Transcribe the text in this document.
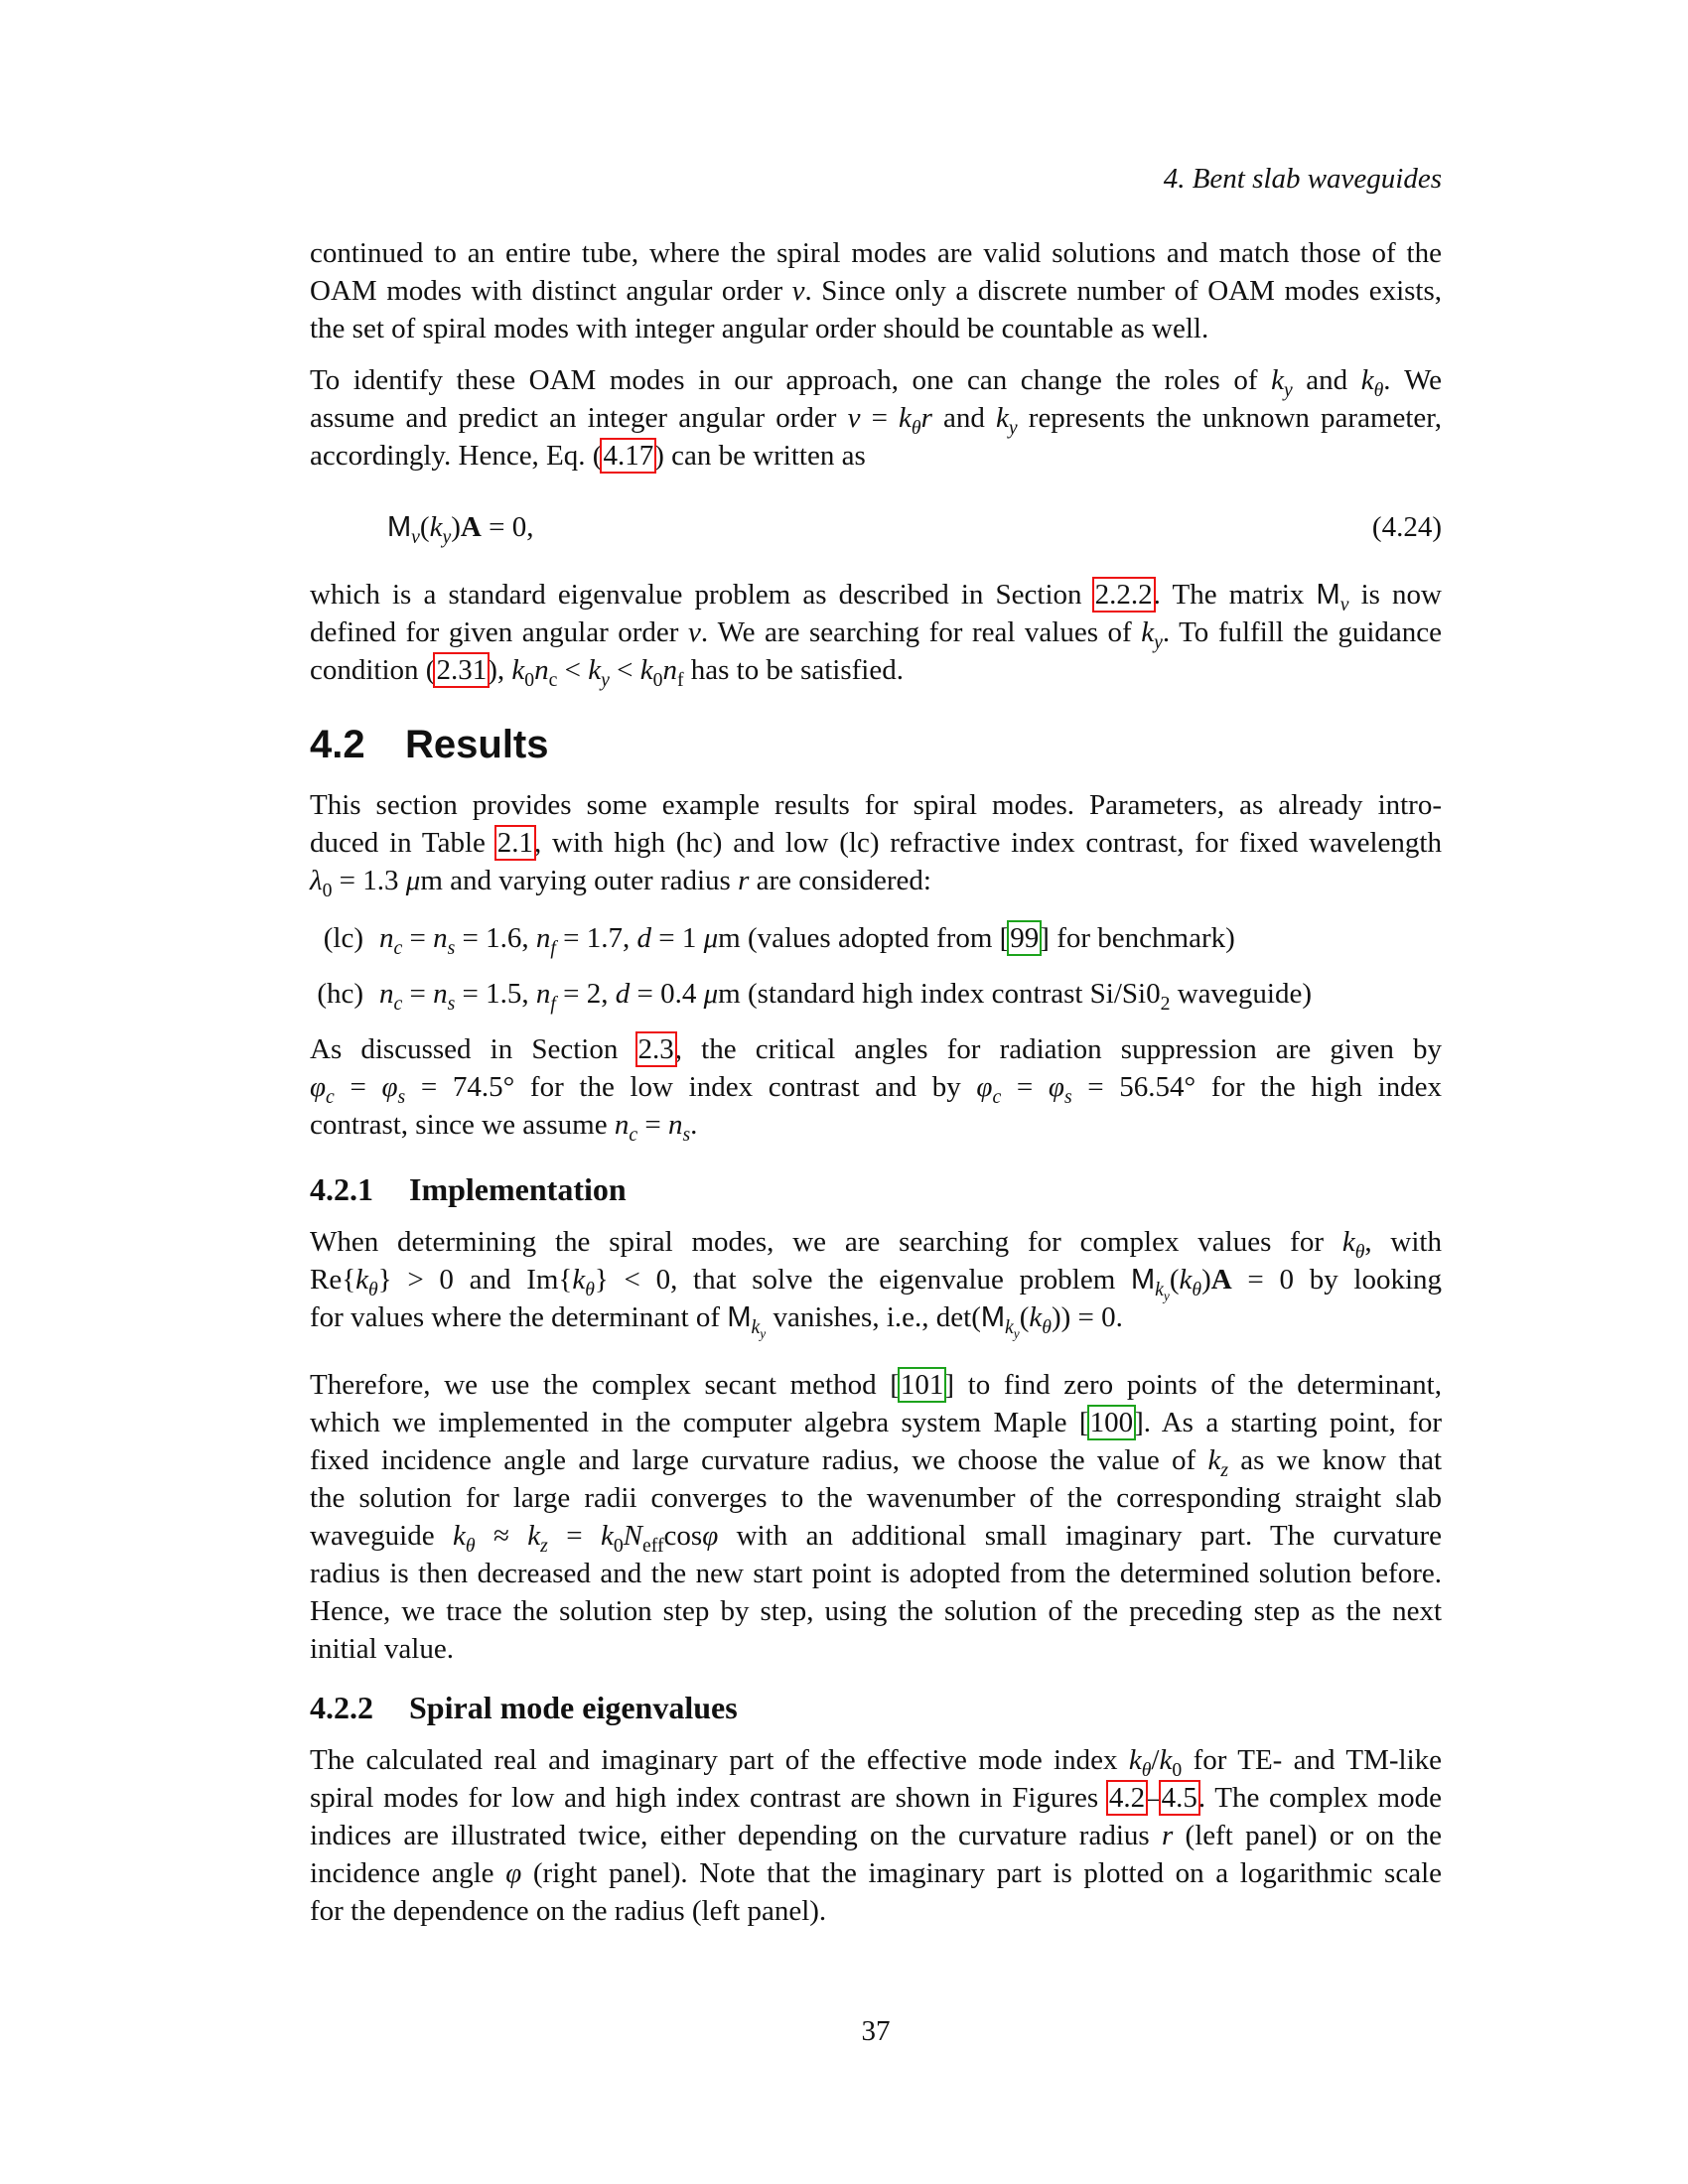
4. Bent slab waveguides

continued to an entire tube, where the spiral modes are valid solutions and match those of the
OAM modes with distinct angular order ν. Since only a discrete number of OAM modes exists,
the set of spiral modes with integer angular order should be countable as well.

To identify these OAM modes in our approach, one can change the roles of $k_y$ and $k_\theta$. We
assume and predict an integer angular order $\nu = k_\theta r$ and $k_y$ represents the unknown parameter,
accordingly. Hence, Eq. (4.17) can be written as

$M_\nu(k_y)A = 0$,	(4.24)

which is a standard eigenvalue problem as described in Section 2.2.2. The matrix $M_\nu$ is now
defined for given angular order ν. We are searching for real values of $k_y$. To fulfill the guidance
condition (2.31), $k_0n_c < k_y < k_0n_f$ has to be satisfied.

4.2 Results

This section provides some example results for spiral modes. Parameters, as already intro-
duced in Table 2.1, with high (hc) and low (lc) refractive index contrast, for fixed wavelength
$\lambda_0 = 1.3$ μm and varying outer radius r are considered:

(lc) $n_c = n_s = 1.6$, $n_f = 1.7$, d = 1 μm (values adopted from [99] for benchmark)
(hc) $n_c = n_s = 1.5$, $n_f = 2$, d = 0.4 μm (standard high index contrast $Si/Si0_2$ waveguide)

As discussed in Section 2.3, the critical angles for radiation suppression are given by
$\varphi_c = \varphi_s = 74.5^\circ$ for the low index contrast and by $\varphi_c = \varphi_s = 56.54^\circ$ for the high index
contrast, since we assume $n_c = n_s$.

4.2.1 Implementation

When determining the spiral modes, we are searching for complex values for $k_\theta$, with
$Re\{k_\theta\} > 0$ and $Im\{k_\theta\} < 0$, that solve the eigenvalue problem $M_{k_y}(k_\theta)A = 0$ by looking
for values where the determinant of $M_{k_y}$ vanishes, i.e., $\det(M_{k_y}(k_\theta)) = 0$.

Therefore, we use the complex secant method [101] to find zero points of the determinant,
which we implemented in the computer algebra system Maple [100]. As a starting point, for
fixed incidence angle and large curvature radius, we choose the value of $k_z$ as we know that
the solution for large radii converges to the wavenumber of the corresponding straight slab
waveguide $k_\theta \approx k_z = k_0N_{eff}\cos\varphi$ with an additional small imaginary part. The curvature
radius is then decreased and the new start point is adopted from the determined solution before.
Hence, we trace the solution step by step, using the solution of the preceding step as the next
initial value.

4.2.2 Spiral mode eigenvalues

The calculated real and imaginary part of the effective mode index $k_\theta/k_0$ for TE- and TM-like
spiral modes for low and high index contrast are shown in Figures 4.2–4.5. The complex mode
indices are illustrated twice, either depending on the curvature radius r (left panel) or on the
incidence angle φ (right panel). Note that the imaginary part is plotted on a logarithmic scale
for the dependence on the radius (left panel).

37
